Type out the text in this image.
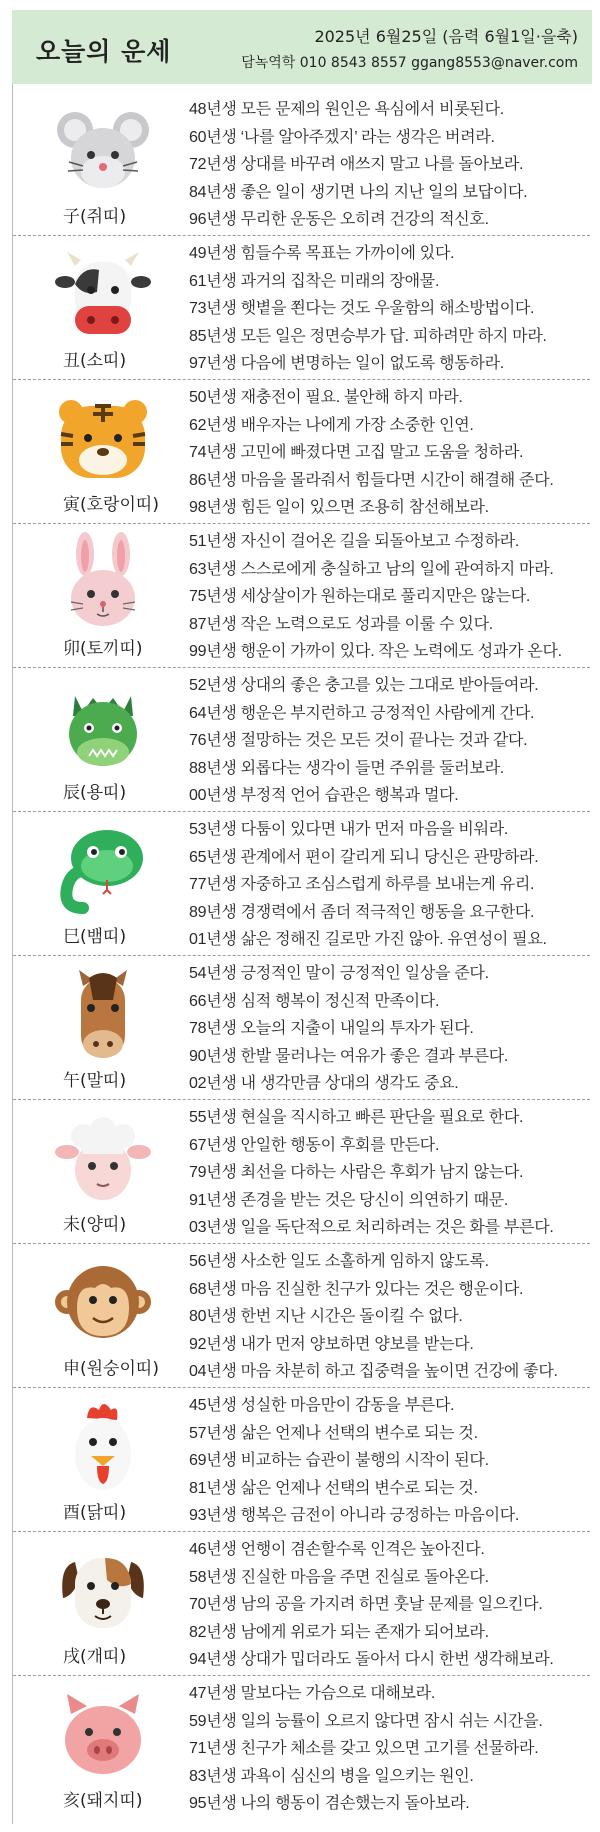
오늘의 운세
2025년 6월25일 (음력 6월1일·을축)
담녹역학 010 8543 8557 ggang8553@naver.com
子(쥐띠)
48년생 모든 문제의 원인은 욕심에서 비롯된다.
60년생 ‘나를 알아주겠지’ 라는 생각은 버려라.
72년생 상대를 바꾸려 애쓰지 말고 나를 돌아보라.
84년생 좋은 일이 생기면 나의 지난 일의 보답이다.
96년생 무리한 운동은 오히려 건강의 적신호.
丑(소띠)
49년생 힘들수록 목표는 가까이에 있다.
61년생 과거의 집착은 미래의 장애물.
73년생 햇볕을 쬔다는 것도 우울함의 해소방법이다.
85년생 모든 일은 정면승부가 답. 피하려만 하지 마라.
97년생 다음에 변명하는 일이 없도록 행동하라.
寅(호랑이띠)
50년생 재충전이 필요. 불안해 하지 마라.
62년생 배우자는 나에게 가장 소중한 인연.
74년생 고민에 빠졌다면 고집 말고 도움을 청하라.
86년생 마음을 몰라줘서 힘들다면 시간이 해결해 준다.
98년생 힘든 일이 있으면 조용히 참선해보라.
卯(토끼띠)
51년생 자신이 걸어온 길을 되돌아보고 수정하라.
63년생 스스로에게 충실하고 남의 일에 관여하지 마라.
75년생 세상살이가 원하는대로 풀리지만은 않는다.
87년생 작은 노력으로도 성과를 이룰 수 있다.
99년생 행운이 가까이 있다. 작은 노력에도 성과가 온다.
辰(용띠)
52년생 상대의 좋은 충고를 있는 그대로 받아들여라.
64년생 행운은 부지런하고 긍정적인 사람에게 간다.
76년생 절망하는 것은 모든 것이 끝나는 것과 같다.
88년생 외롭다는 생각이 들면 주위를 둘러보라.
00년생 부정적 언어 습관은 행복과 멀다.
巳(뱀띠)
53년생 다툼이 있다면 내가 먼저 마음을 비워라.
65년생 관계에서 편이 갈리게 되니 당신은 관망하라.
77년생 자중하고 조심스럽게 하루를 보내는게 유리.
89년생 경쟁력에서 좀더 적극적인 행동을 요구한다.
01년생 삶은 정해진 길로만 가진 않아. 유연성이 필요.
午(말띠)
54년생 긍정적인 말이 긍정적인 일상을 준다.
66년생 심적 행복이 정신적 만족이다.
78년생 오늘의 지출이 내일의 투자가 된다.
90년생 한발 물러나는 여유가 좋은 결과 부른다.
02년생 내 생각만큼 상대의 생각도 중요.
未(양띠)
55년생 현실을 직시하고 빠른 판단을 필요로 한다.
67년생 안일한 행동이 후회를 만든다.
79년생 최선을 다하는 사람은 후회가 남지 않는다.
91년생 존경을 받는 것은 당신이 의연하기 때문.
03년생 일을 독단적으로 처리하려는 것은 화를 부른다.
申(원숭이띠)
56년생 사소한 일도 소홀하게 임하지 않도록.
68년생 마음 진실한 친구가 있다는 것은 행운이다.
80년생 한번 지난 시간은 돌이킬 수 없다.
92년생 내가 먼저 양보하면 양보를 받는다.
04년생 마음 차분히 하고 집중력을 높이면 건강에 좋다.
酉(닭띠)
45년생 성실한 마음만이 감동을 부른다.
57년생 삶은 언제나 선택의 변수로 되는 것.
69년생 비교하는 습관이 불행의 시작이 된다.
81년생 삶은 언제나 선택의 변수로 되는 것.
93년생 행복은 금전이 아니라 긍정하는 마음이다.
戌(개띠)
46년생 언행이 겸손할수록 인격은 높아진다.
58년생 진실한 마음을 주면 진실로 돌아온다.
70년생 남의 공을 가지려 하면 훗날 문제를 일으킨다.
82년생 남에게 위로가 되는 존재가 되어보라.
94년생 상대가 밉더라도 돌아서 다시 한번 생각해보라.
亥(돼지띠)
47년생 말보다는 가슴으로 대해보라.
59년생 일의 능률이 오르지 않다면 잠시 쉬는 시간을.
71년생 친구가 체소를 갖고 있으면 고기를 선물하라.
83년생 과욕이 심신의 병을 일으키는 원인.
95년생 나의 행동이 겸손했는지 돌아보라.
